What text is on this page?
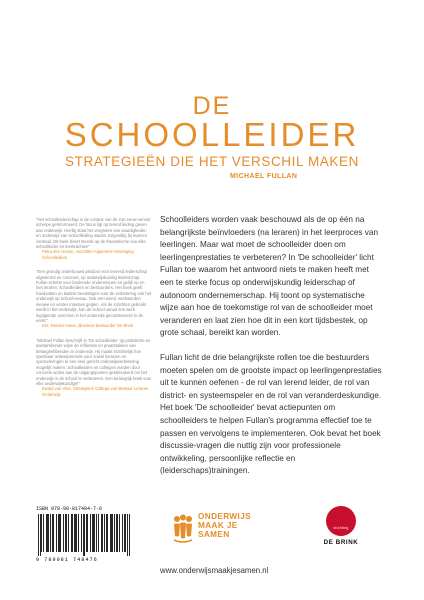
DE
SCHOOLLEIDER
STRATEGIEËN DIE HET VERSCHIL MAKEN
MICHAEL FULLAN
"Het schoolleiderschap in de context van de 21e eeuw vereist scherpe geïnformeerd. De focus ligt op lerend leiding geven aan onderwijs. Hierbij staat het vergroten van vaardigheden en onderwijs van schoolleiding waarin zorgvuldig bij teamen centraal. Dit boek levert steeds op de theoretische van elke schoolleider en leerkrachten"
Petra den Hoven, voorzitter Algemene Vereniging Schoolleiders
"Een grondig onderbouwd pleidooi voor leerend leiderschap afgestemd en concreet, op onderwijskundig leiderschap. Fullan schetst voor bruikende onderwerpen en gelijk op en niet leraren, schoolleiders en bestuurders. Het boek geeft handvatten en kaders bevattingen voor de verbetering van het onderwijs op school-niveau. Ook een wend, werkwerden nieuwe en verder intenties geglen. Als de inzichten gebruikt wordt in het onderwijs, kan de school vanuit ons werk ingrijpende overvloei in het onderwijs geconstrueerd in de eerst."
Drs. Reinier Kwee, directeur-bestuurder De Brink
"Michael Fullan beschrijft in 'De schoolleider' op praktische en aansprekende wijze de refleeties en praatstukken van belanghebbenden in onderwijs. Hij maakt inzichtelijk hoe openbaar ontwerperende voor zowel leeraren en opzonderingen te een snel gericht onderwijsverbetering mogelijk maken. Schoolleiders en collega's worden door concrete acties aan de uitgangspunten gestimuleerd om het onderwijs in de school te verbeteren. Een belangrijk boek voor elke onderwijskundige!"
Ewald van Vliet, Strategisch Collega van Bestuur Leraren Onderwijs

Schoolleiders worden vaak beschouwd als de op één na belangrijkste beïnvloeders (na leraren) in het leerproces van leerlingen. Maar wat moet de schoolleider doen om leerlingenprestaties te verbeteren? In 'De schoolleider' licht Fullan toe waarom het antwoord niets te maken heeft met een te sterke focus op onderwijskundig leiderschap of autonoom ondernemerschap. Hij toont op systematische wijze aan hoe de toekomstige rol van de schoolleider moet veranderen en laat zien hoe dit in een kort tijdsbestek, op grote schaal, bereikt kan worden.

Fullan licht de drie belangrijkste rollen toe die bestuurders moeten spelen om de grootste impact op leerlingenprestaties uit te kunnen oefenen - de rol van lerend leider, de rol van district- en systeemspeler en de rol van veranderdeskundige. Het boek 'De schoolleider' bevat actiepunten om schoolleiders te helpen Fullan's programma effectief toe te passen en vervolgens te implementeren. Ook bevat het boek discussie-vragen die nuttig zijn voor professionele ontwikkeling, persoonlijke reflectie en (leiderschaps)trainingen.

ISBN 978-90-817484-7-6
9 789081 748476
ONDERWIJS
MAAK JE
SAMEN
stichting
DE BRINK
www.onderwijsmaakjesamen.nl
